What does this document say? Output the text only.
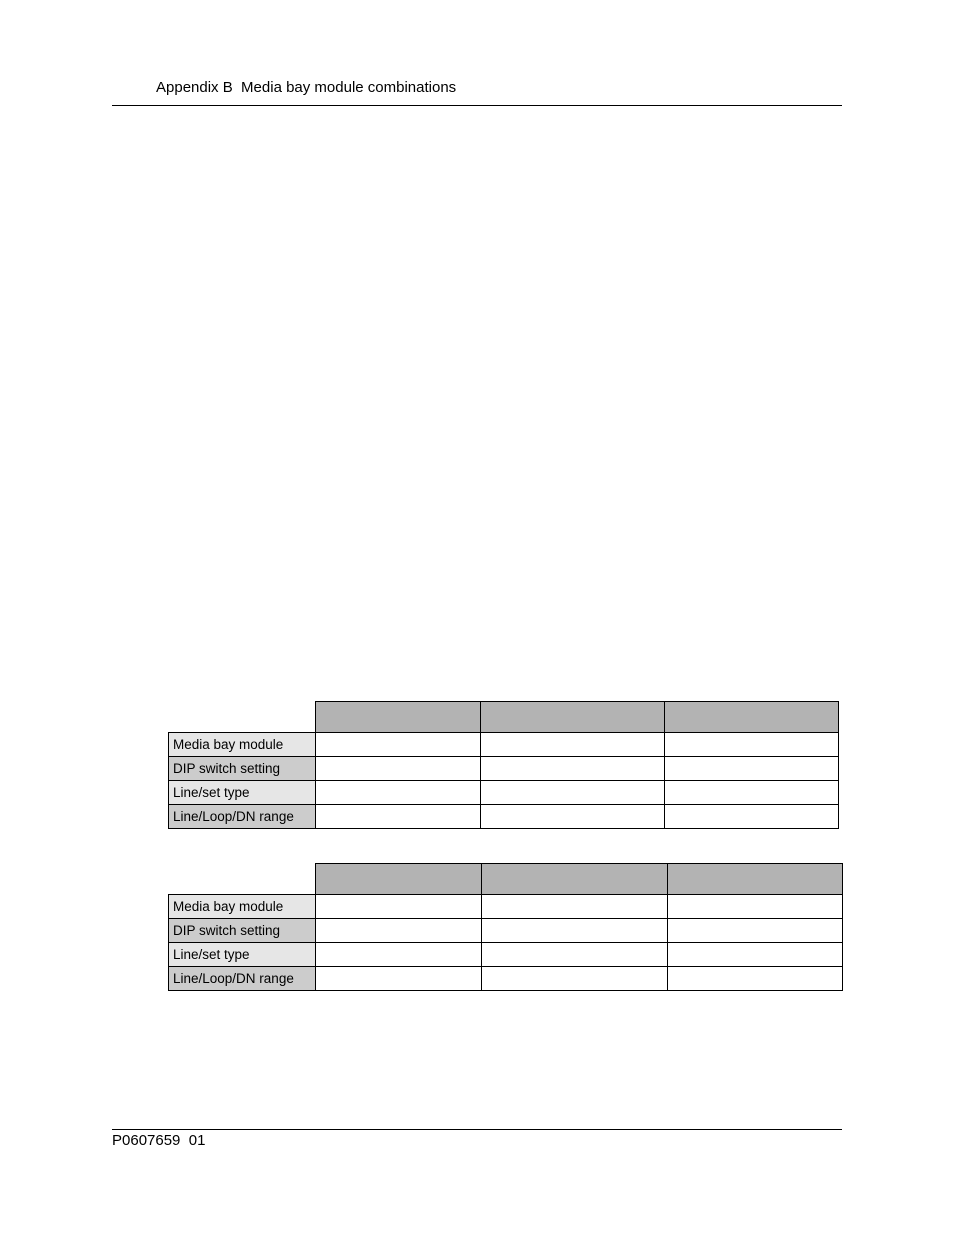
Appendix B  Media bay module combinations

Media bay module			
DIP switch setting			
Line/set type			
Line/Loop/DN range			

Media bay module			
DIP switch setting			
Line/set type			
Line/Loop/DN range			
P0607659  01
